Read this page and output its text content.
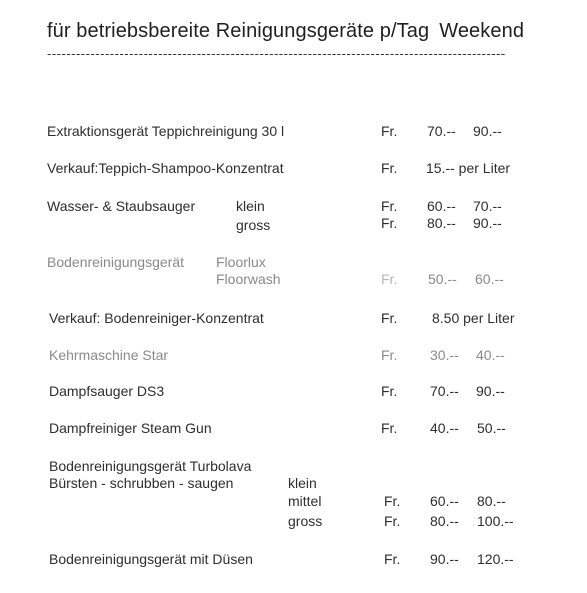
für betriebsbereite Reinigungsgeräte p/Tag Weekend
-----------------------------------------------------------------------------------------------
Extraktionsgerät Teppichreinigung 30 l	Fr. 70.-- 90.--
Verkauf:Teppich-Shampoo-Konzentrat	Fr. 15.-- per Liter
Wasser- & Staubsauger	klein	Fr. 60.-- 70.--
gross	Fr. 80.-- 90.--
Bodenreinigungsgerät Floorlux
Floorwash	Fr. 50.-- 60.--
Verkauf: Bodenreiniger-Konzentrat	Fr. 8.50 per Liter
Kehrmaschine Star	Fr. 30.-- 40.--
Dampfsauger DS3	Fr. 70.-- 90.--
Dampfreiniger Steam Gun	Fr. 40.-- 50.--
Bodenreinigungsgerät Turbolava
Bürsten - schrubben - saugen	klein
mittel	Fr. 60.-- 80.--
gross	Fr. 80.-- 100.--
Bodenreinigungsgerät mit Düsen	Fr. 90.-- 120.--
